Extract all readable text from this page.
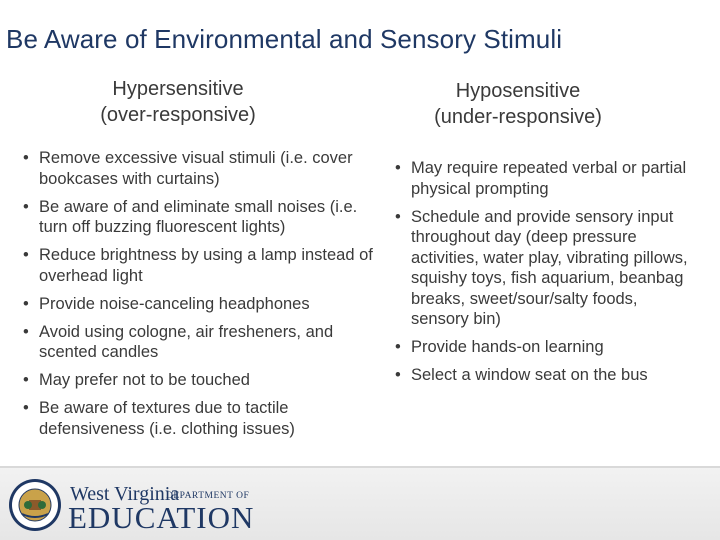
Be Aware of Environmental and Sensory Stimuli
Hypersensitive
(over-responsive)
Hyposensitive
(under-responsive)
• Remove excessive visual stimuli (i.e. cover bookcases with curtains)
• Be aware of and eliminate small noises (i.e. turn off buzzing fluorescent lights)
• Reduce brightness by using a lamp instead of overhead light
• Provide noise-canceling headphones
• Avoid using cologne, air fresheners, and scented candles
• May prefer not to be touched
• Be aware of textures due to tactile defensiveness (i.e. clothing issues)
• May require repeated verbal or partial physical prompting
• Schedule and provide sensory input throughout day (deep pressure activities, water play, vibrating pillows, squishy toys, fish aquarium, beanbag breaks, sweet/sour/salty foods, sensory bin)
• Provide hands-on learning
• Select a window seat on the bus
West Virginia
DEPARTMENT OF
EDUCATION
